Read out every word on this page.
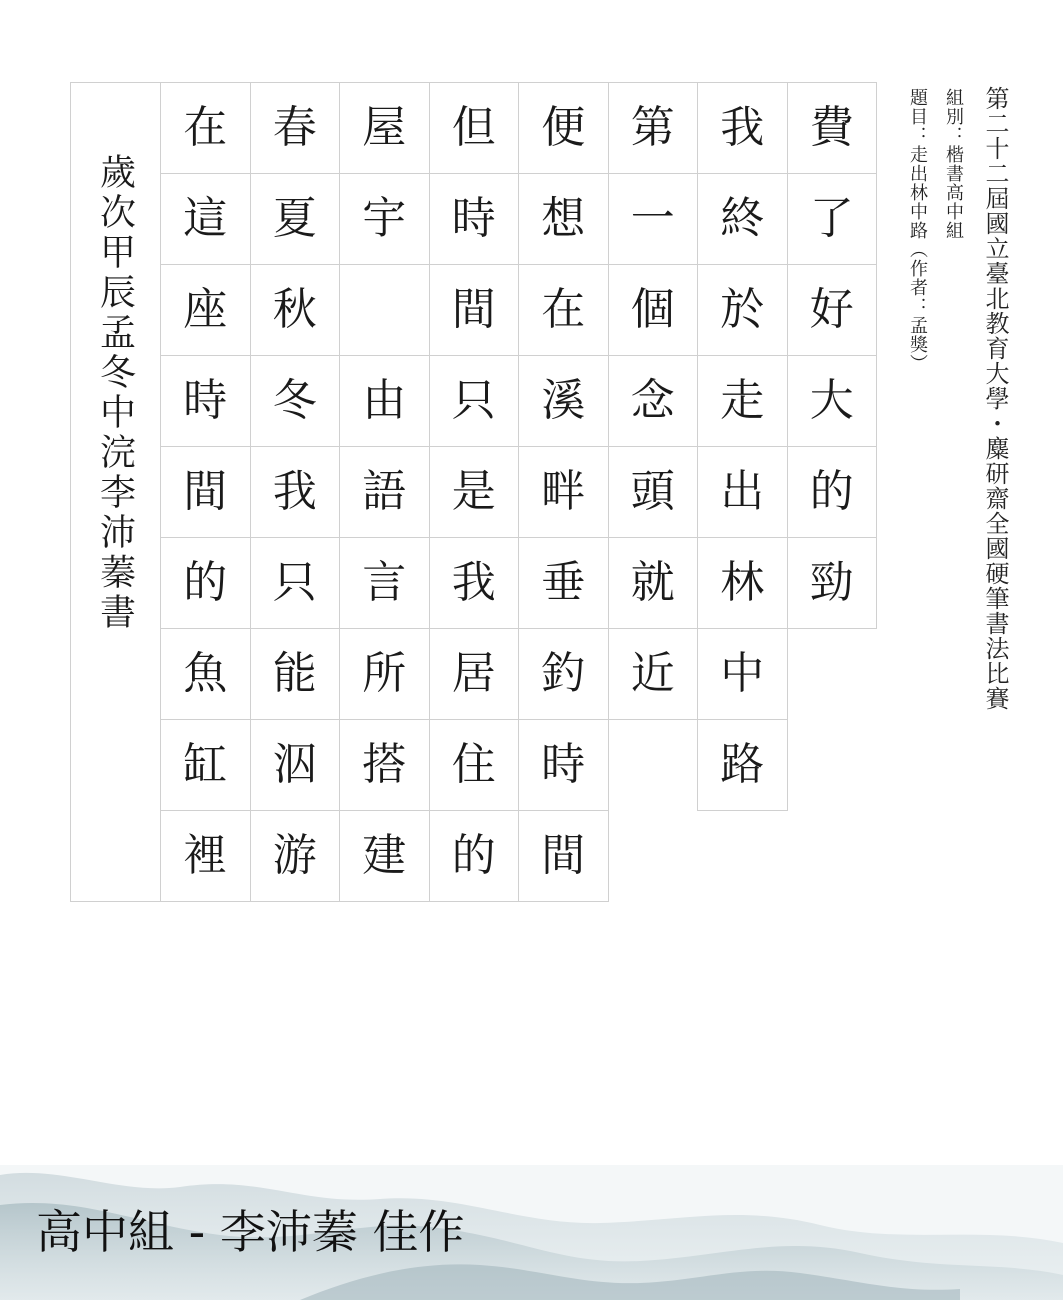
費
了
好
大
的
勁
我
終
於
走
出
林
中
路
第
一
個
念
頭
就
近
便
想
在
溪
畔
垂
釣
時
間
但
時
間
只
是
我
居
住
的
屋
宇
由
語
言
所
搭
建
春
夏
秋
冬
我
只
能
泅
游
在
這
座
時
間
的
魚
缸
裡
歲次甲辰孟冬中浣李沛蓁書	第二十二屆國立臺北教育大學・麋研齋全國硬筆書法比賽
組別：楷書高中組
題目：走出林中路（作者：孟獎）
高中組 - 李沛蓁 佳作
